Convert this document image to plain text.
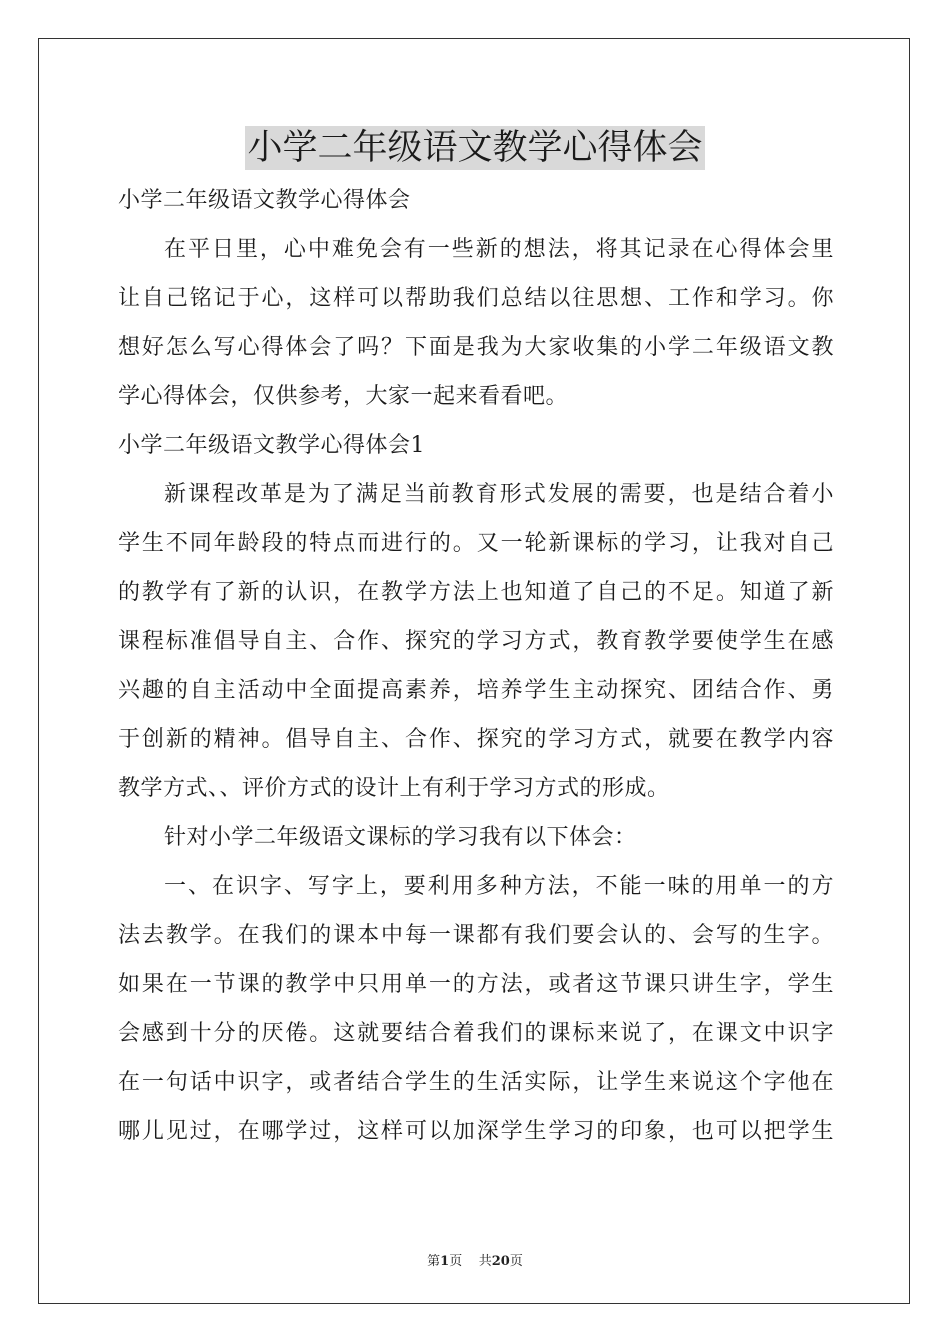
小学二年级语文教学心得体会

小学二年级语文教学心得体会

在平日里，心中难免会有一些新的想法，将其记录在心得体会里

让自己铭记于心，这样可以帮助我们总结以往思想、工作和学习。你

想好怎么写心得体会了吗？下面是我为大家收集的小学二年级语文教

学心得体会，仅供参考，大家一起来看看吧。

小学二年级语文教学心得体会1

新课程改革是为了满足当前教育形式发展的需要，也是结合着小

学生不同年龄段的特点而进行的。又一轮新课标的学习，让我对自己

的教学有了新的认识，在教学方法上也知道了自己的不足。知道了新

课程标准倡导自主、合作、探究的学习方式，教育教学要使学生在感

兴趣的自主活动中全面提高素养，培养学生主动探究、团结合作、勇

于创新的精神。倡导自主、合作、探究的学习方式，就要在教学内容

教学方式、、评价方式的设计上有利于学习方式的形成。

针对小学二年级语文课标的学习我有以下体会：

一、在识字、写字上，要利用多种方法，不能一味的用单一的方

法去教学。在我们的课本中每一课都有我们要会认的、会写的生字。

如果在一节课的教学中只用单一的方法，或者这节课只讲生字，学生

会感到十分的厌倦。这就要结合着我们的课标来说了，在课文中识字

在一句话中识字，或者结合学生的生活实际，让学生来说这个字他在

哪儿见过，在哪学过，这样可以加深学生学习的印象，也可以把学生

第1页 共20页
